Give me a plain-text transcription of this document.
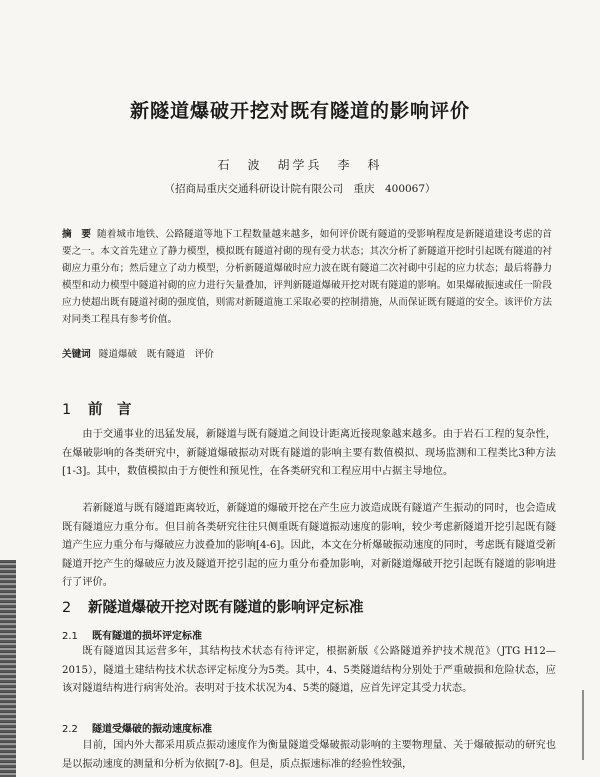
新隧道爆破开挖对既有隧道的影响评价
石　波　胡学兵　李　科
（招商局重庆交通科研设计院有限公司　重庆　400067）
摘　要 随着城市地铁、公路隧道等地下工程数量越来越多，如何评价既有隧道的受影响程度是新隧道建设考虑的首要之一。本文首先建立了静力模型，模拟既有隧道衬砌的现有受力状态；其次分析了新隧道开挖时引起既有隧道的衬砌应力重分布；然后建立了动力模型，分析新隧道爆破时应力波在既有隧道二次衬砌中引起的应力状态；最后将静力模型和动力模型中隧道衬砌的应力进行矢量叠加，评判新隧道爆破开挖对既有隧道的影响。如果爆破振速或任一阶段应力使超出既有隧道衬砌的强度值，则需对新隧道施工采取必要的控制措施，从而保证既有隧道的安全。该评价方法对同类工程具有参考价值。
关键词 隧道爆破　既有隧道　评价
1 前　言
由于交通事业的迅猛发展，新隧道与既有隧道之间设计距离近接现象越来越多。由于岩石工程的复杂性，在爆破影响的各类研究中，新隧道爆破振动对既有隧道的影响主要有数值模拟、现场监测和工程类比3种方法[1-3]。其中，数值模拟由于方便性和预见性，在各类研究和工程应用中占据主导地位。
若新隧道与既有隧道距离较近，新隧道的爆破开挖在产生应力波造成既有隧道产生振动的同时，也会造成既有隧道应力重分布。但目前各类研究往往只侧重既有隧道振动速度的影响，较少考虑新隧道开挖引起既有隧道产生应力重分布与爆破应力波叠加的影响[4-6]。因此，本文在分析爆破振动速度的同时，考虑既有隧道受新隧道开挖产生的爆破应力波及隧道开挖引起的应力重分布叠加影响，对新隧道爆破开挖引起既有隧道的影响进行了评价。
2 新隧道爆破开挖对既有隧道的影响评定标准
2.1 既有隧道的损坏评定标准
既有隧道因其运营多年，其结构技术状态有待评定，根据新版《公路隧道养护技术规范》（JTG H12—2015），隧道土建结构技术状态评定标度分为5类。其中，4、5类隧道结构分别处于严重破损和危险状态，应该对隧道结构进行病害处治。表明对于技术状况为4、5类的隧道，应首先评定其受力状态。
2.2 隧道受爆破的振动速度标准
目前，国内外大都采用质点振动速度作为衡量隧道受爆破振动影响的主要物理量、关于爆破振动的研究也是以振动速度的测量和分析为依据[7-8]。但是，质点振速标准的经验性较强，
